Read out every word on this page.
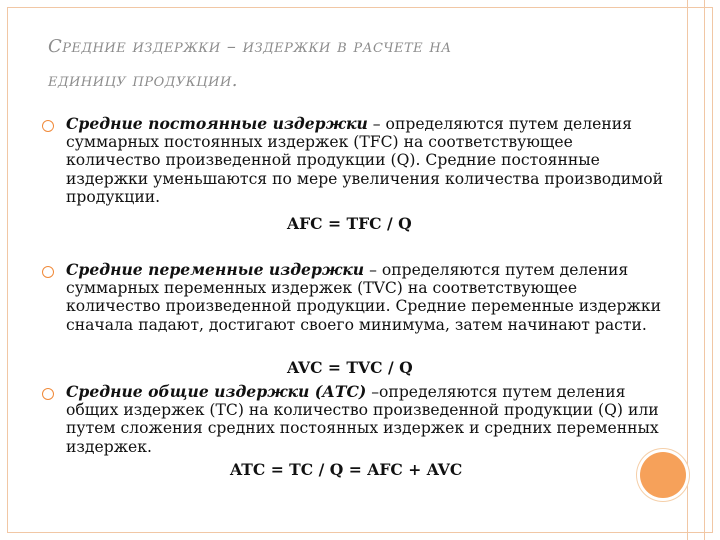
Средние издержки – издержки в расчете на
единицу продукции.
Средние постоянные издержки – определяются путем деления суммарных постоянных издержек (TFC) на соответствующее количество произведенной продукции (Q). Средние постоянные издержки уменьшаются по мере увеличения количества производимой продукции.
AFC = TFC / Q
Средние переменные издержки – определяются путем деления суммарных переменных издержек (TVC) на соответствующее количество произведенной продукции. Средние переменные издержки сначала падают, достигают своего минимума, затем начинают расти.
AVC = TVC / Q
Средние общие издержки (АТС) –определяются путем деления общих издержек (ТС) на количество произведенной продукции (Q) или путем сложения средних постоянных издержек и средних переменных издержек.
ATC = TC / Q = AFC + AVC
